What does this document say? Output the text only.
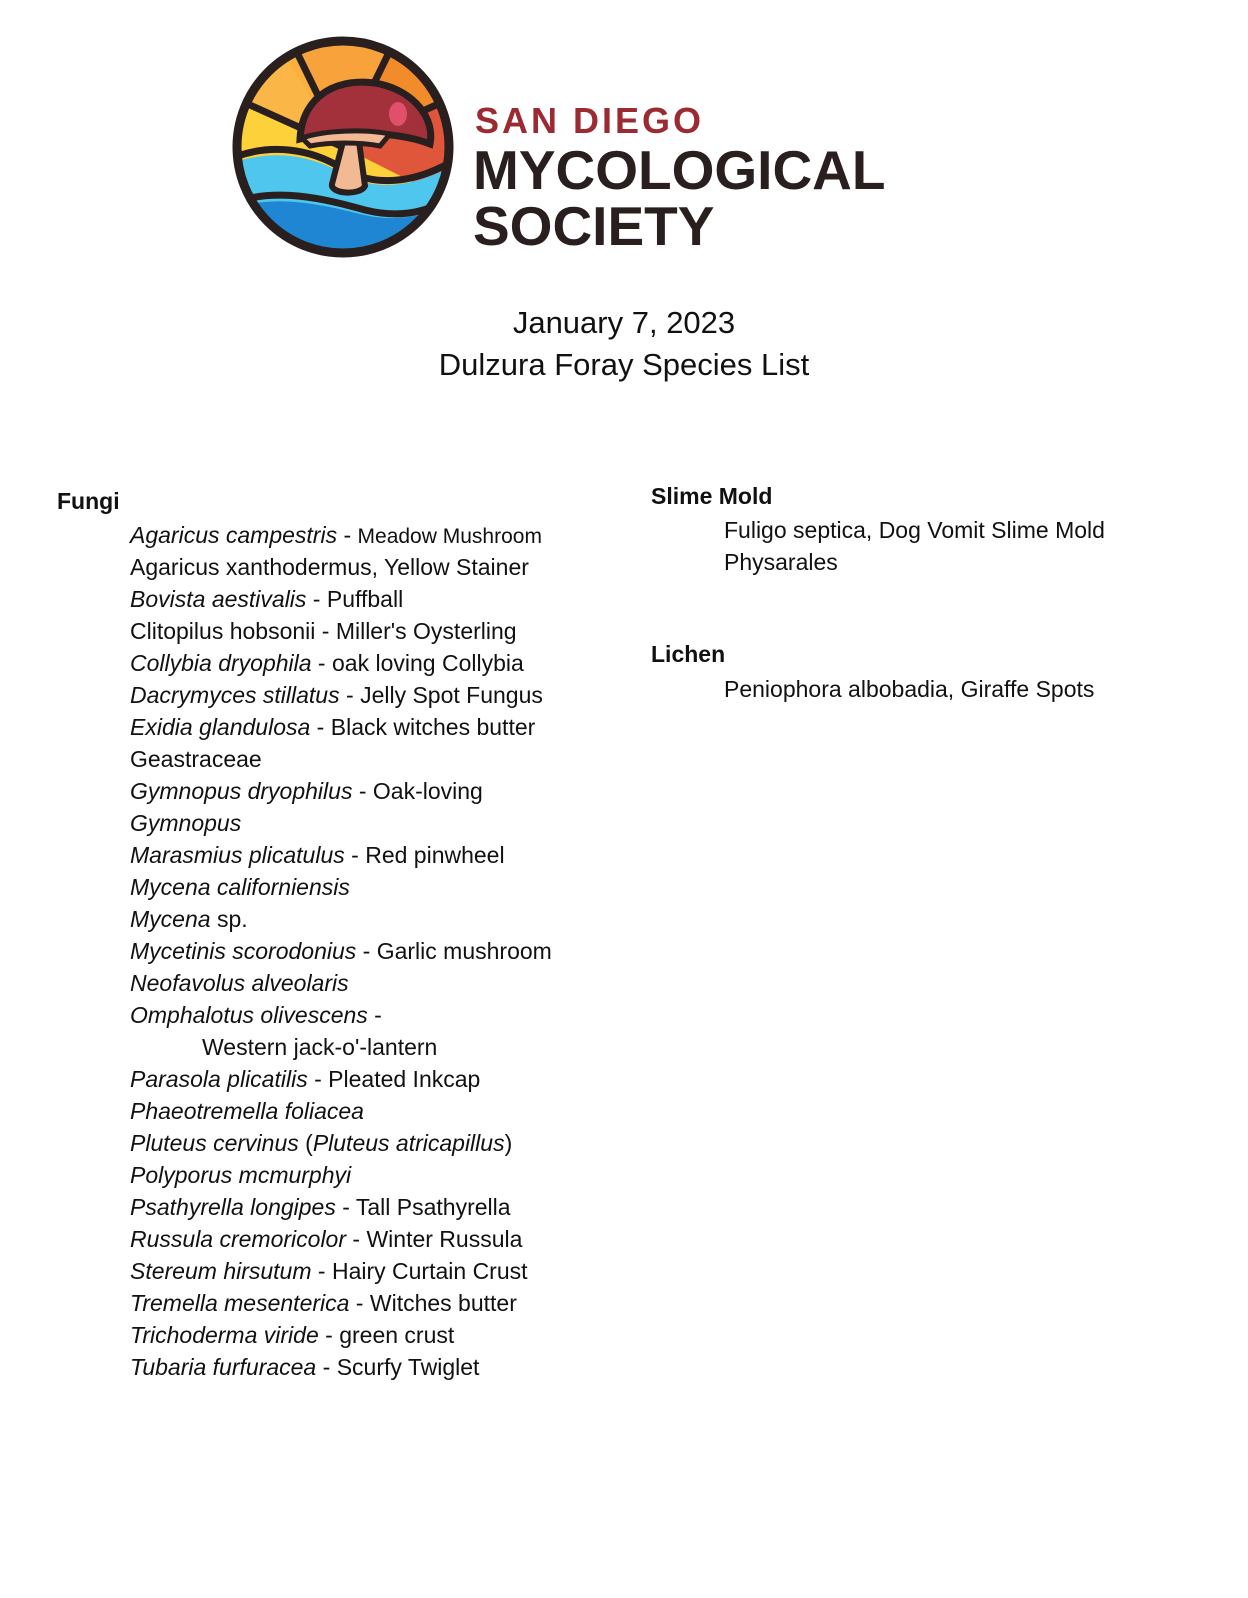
SAN DIEGO
MYCOLOGICAL
SOCIETY
January 7, 2023
Dulzura Foray Species List
Fungi
Agaricus campestris - Meadow Mushroom
Agaricus xanthodermus, Yellow Stainer
Bovista aestivalis - Puffball
Clitopilus hobsonii - Miller's Oysterling
Collybia dryophila - oak loving Collybia
Dacrymyces stillatus - Jelly Spot Fungus
Exidia glandulosa - Black witches butter
Geastraceae
Gymnopus dryophilus - Oak-loving
Gymnopus
Marasmius plicatulus - Red pinwheel
Mycena californiensis
Mycena sp.
Mycetinis scorodonius - Garlic mushroom
Neofavolus alveolaris
Omphalotus olivescens -
Western jack-o'-lantern
Parasola plicatilis - Pleated Inkcap
Phaeotremella foliacea
Pluteus cervinus (Pluteus atricapillus)
Polyporus mcmurphyi
Psathyrella longipes - Tall Psathyrella
Russula cremoricolor - Winter Russula
Stereum hirsutum - Hairy Curtain Crust
Tremella mesenterica - Witches butter
Trichoderma viride - green crust
Tubaria furfuracea - Scurfy Twiglet
Slime Mold
Fuligo septica, Dog Vomit Slime Mold
Physarales
Lichen
Peniophora albobadia, Giraffe Spots
